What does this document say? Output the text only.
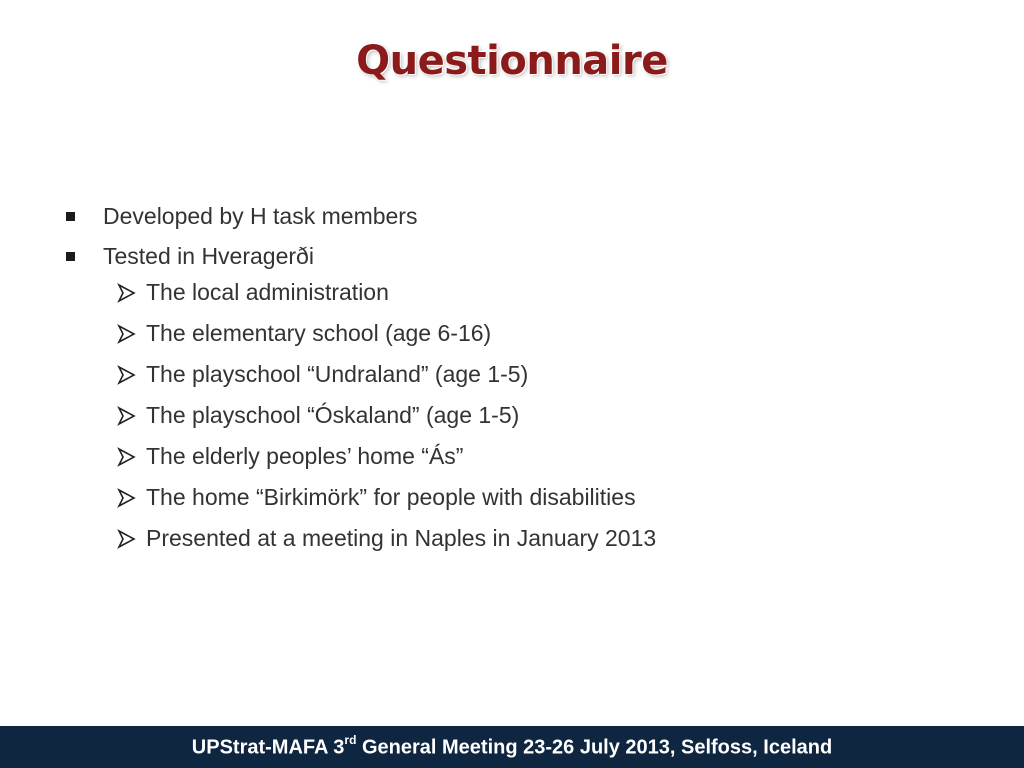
Questionnaire
Developed by H task members
Tested in Hveragerði
The local administration
The elementary school (age 6-16)
The playschool “Undraland” (age 1-5)
The playschool “Óskaland” (age 1-5)
The elderly peoples’ home “Ás”
The home “Birkimörk” for people with disabilities
Presented at a meeting in Naples in January 2013
UPStrat-MAFA 3rd General Meeting 23-26 July 2013, Selfoss, Iceland
